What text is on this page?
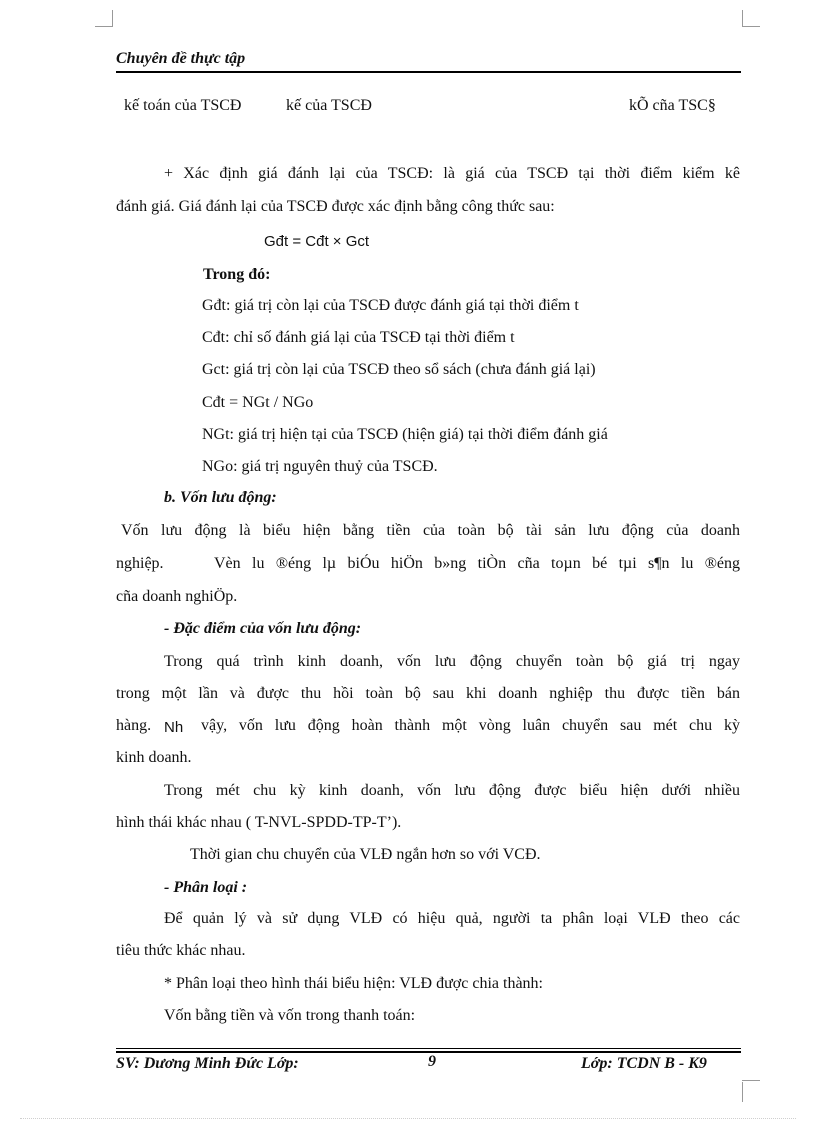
Chuyên đề thực tập
kế toán của TSCĐ	kế của TSCĐ	kÕ cña TSC§
+ Xác định giá đánh lại của TSCĐ: là giá của TSCĐ tại thời điểm kiểm kê
đánh giá. Giá đánh lại của TSCĐ được xác định bằng công thức sau:
Gđt = Cđt × Gct
Trong đó:
Gđt: giá trị còn lại của TSCĐ được đánh giá tại thời điểm t
Cđt: chỉ số đánh giá lại của TSCĐ tại thời điểm t
Gct: giá trị còn lại của TSCĐ theo sổ sách (chưa đánh giá lại)
Cđt = NGt / NGo
NGt: giá trị hiện tại của TSCĐ (hiện giá) tại thời điểm đánh giá
NGo: giá trị nguyên thuỷ của TSCĐ.
b. Vốn lưu động:
Vốn lưu động là biểu hiện bằng tiền của toàn bộ tài sản lưu động của doanh
nghiệp.	Vèn lu ®éng lµ biÓu hiÖn b»ng tiÒn cña toµn bé tµi s¶n lu ®éng
cña doanh nghiÖp.
- Đặc điểm của vốn lưu động:
Trong quá trình kinh doanh, vốn lưu động chuyển toàn bộ giá trị ngay
trong một lần và được thu hồi toàn bộ sau khi doanh nghiệp thu được tiền bán
hàng. Nh vậy, vốn lưu động hoàn thành một vòng luân chuyển sau mét chu kỳ
kinh doanh.
Trong mét chu kỳ kinh doanh, vốn lưu động được biểu hiện dưới nhiều
hình thái khác nhau ( T-NVL-SPDD-TP-T’).
Thời gian chu chuyển của VLĐ ngắn hơn so với VCĐ.
- Phân loại :
Để quản lý và sử dụng VLĐ có hiệu quả, người ta phân loại VLĐ theo các
tiêu thức khác nhau.
* Phân loại theo hình thái biểu hiện: VLĐ được chia thành:
Vốn bằng tiền và vốn trong thanh toán:
SV: Dương Minh Đức Lớp:	9	Lớp: TCDN B - K9
